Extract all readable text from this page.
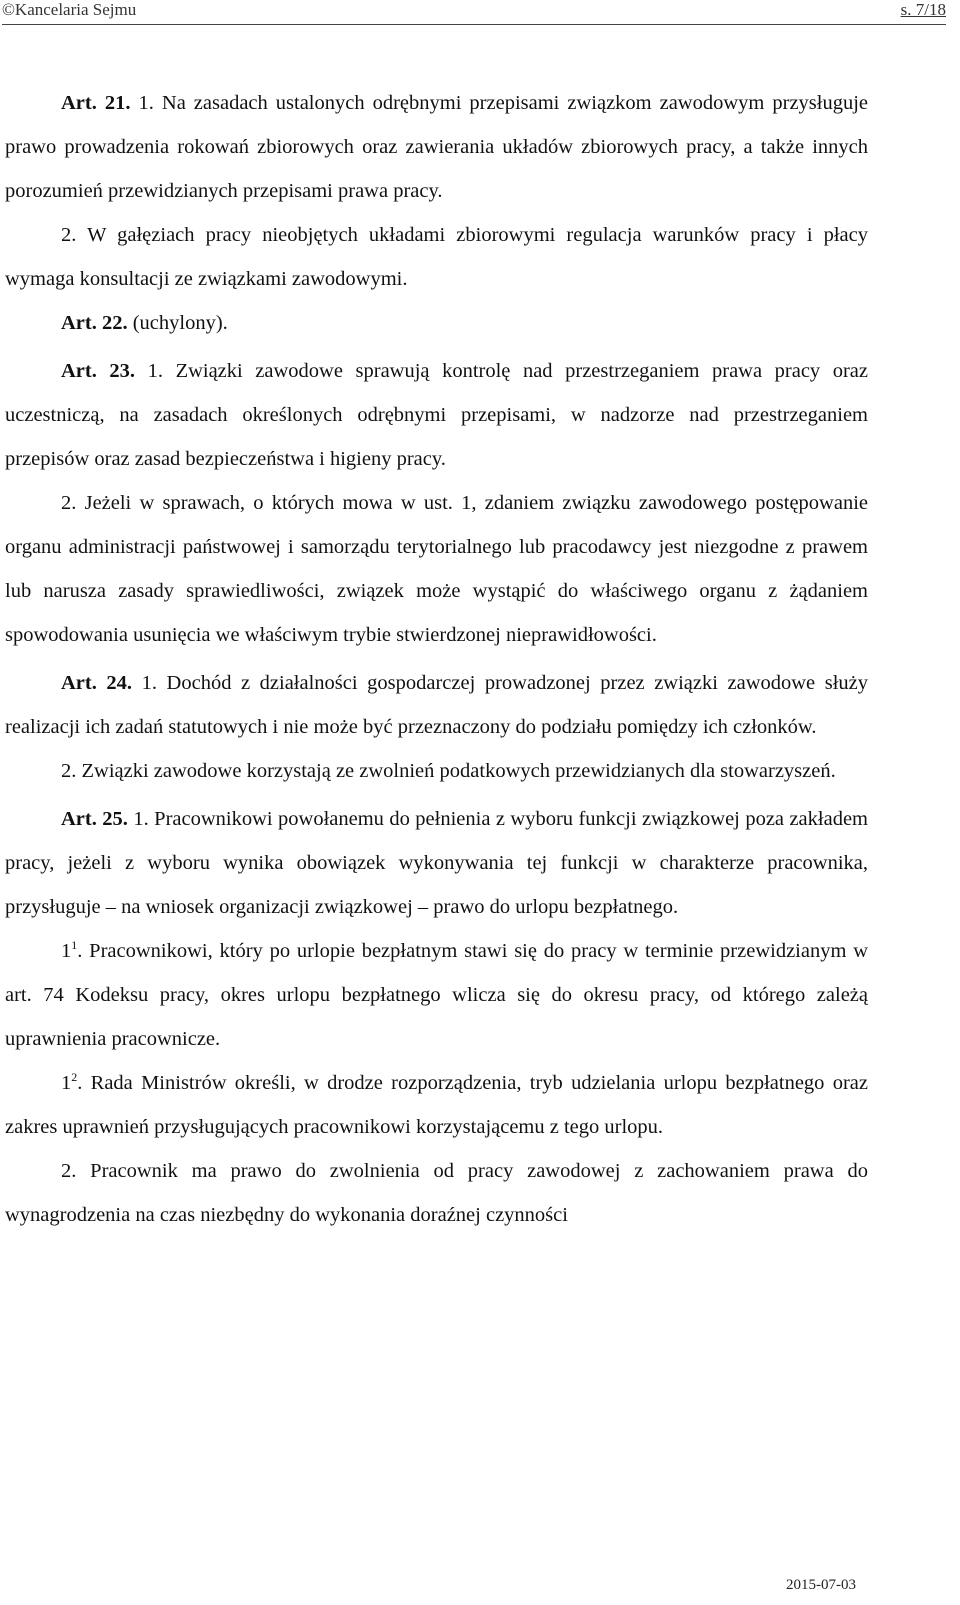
©Kancelaria Sejmu	s. 7/18

Art. 21. 1. Na zasadach ustalonych odrębnymi przepisami związkom zawodowym przysługuje prawo prowadzenia rokowań zbiorowych oraz zawierania układów zbiorowych pracy, a także innych porozumień przewidzianych przepisami prawa pracy.

2. W gałęziach pracy nieobjętych układami zbiorowymi regulacja warunków pracy i płacy wymaga konsultacji ze związkami zawodowymi.

Art. 22. (uchylony).

Art. 23. 1. Związki zawodowe sprawują kontrolę nad przestrzeganiem prawa pracy oraz uczestniczą, na zasadach określonych odrębnymi przepisami, w nadzorze nad przestrzeganiem przepisów oraz zasad bezpieczeństwa i higieny pracy.

2. Jeżeli w sprawach, o których mowa w ust. 1, zdaniem związku zawodowego postępowanie organu administracji państwowej i samorządu terytorialnego lub pracodawcy jest niezgodne z prawem lub narusza zasady sprawiedliwości, związek może wystąpić do właściwego organu z żądaniem spowodowania usunięcia we właściwym trybie stwierdzonej nieprawidłowości.

Art. 24. 1. Dochód z działalności gospodarczej prowadzonej przez związki zawodowe służy realizacji ich zadań statutowych i nie może być przeznaczony do podziału pomiędzy ich członków.

2. Związki zawodowe korzystają ze zwolnień podatkowych przewidzianych dla stowarzyszeń.

Art. 25. 1. Pracownikowi powołanemu do pełnienia z wyboru funkcji związkowej poza zakładem pracy, jeżeli z wyboru wynika obowiązek wykonywania tej funkcji w charakterze pracownika, przysługuje – na wniosek organizacji związkowej – prawo do urlopu bezpłatnego.

$1^1$. Pracownikowi, który po urlopie bezpłatnym stawi się do pracy w terminie przewidzianym w art. 74 Kodeksu pracy, okres urlopu bezpłatnego wlicza się do okresu pracy, od którego zależą uprawnienia pracownicze.

$1^2$. Rada Ministrów określi, w drodze rozporządzenia, tryb udzielania urlopu bezpłatnego oraz zakres uprawnień przysługujących pracownikowi korzystającemu z tego urlopu.

2. Pracownik ma prawo do zwolnienia od pracy zawodowej z zachowaniem prawa do wynagrodzenia na czas niezbędny do wykonania doraźnej czynności

2015-07-03
